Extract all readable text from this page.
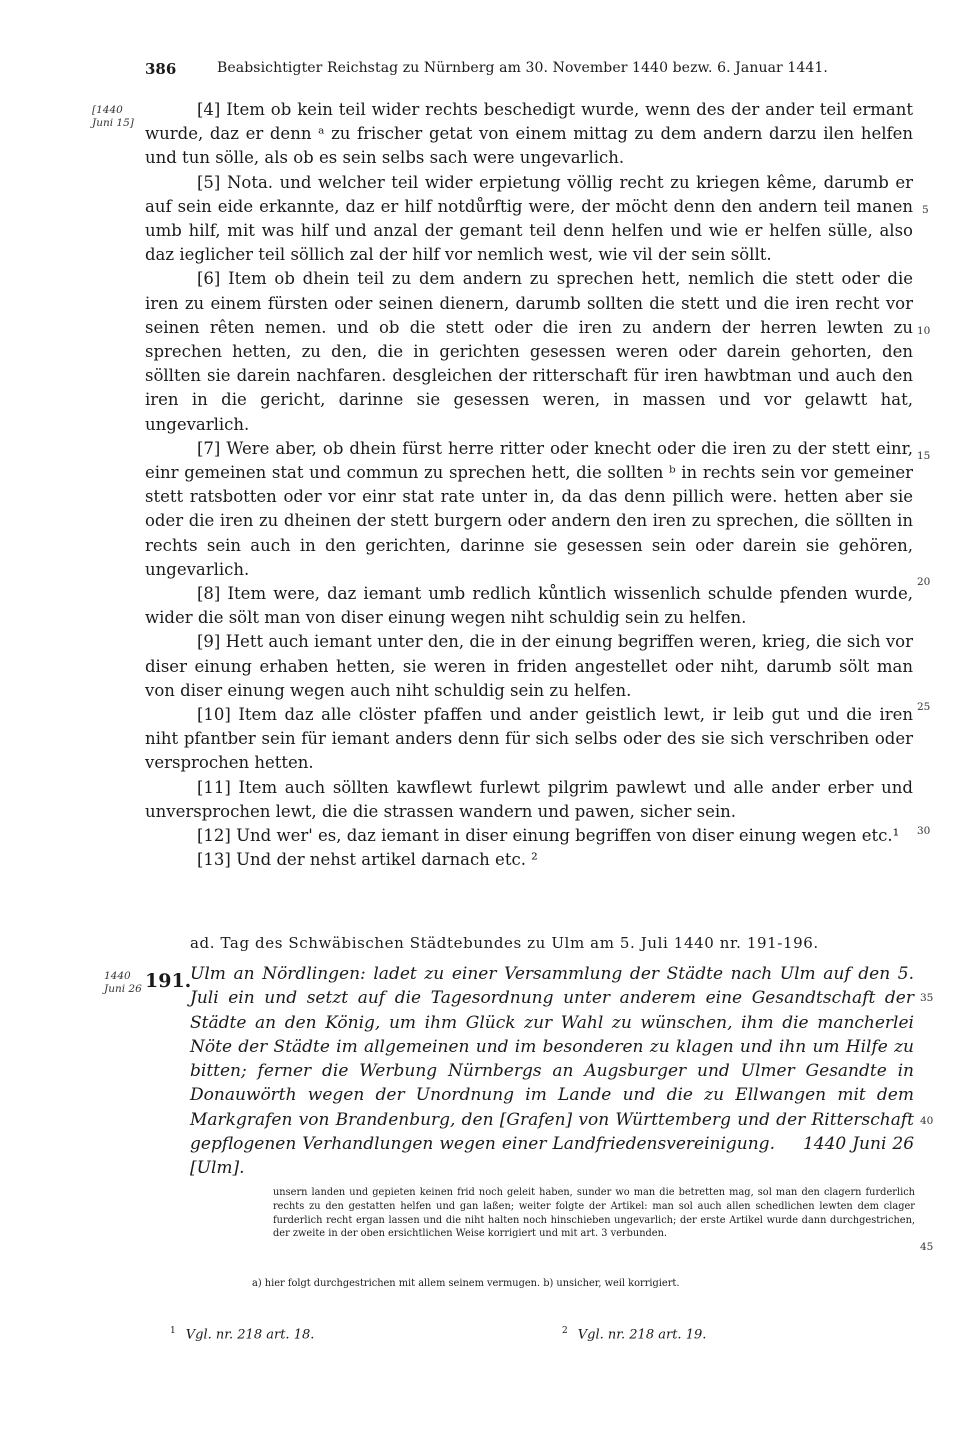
386	Beabsichtigter Reichstag zu Nürnberg am 30. November 1440 bezw. 6. Januar 1441.
[1440
Juni 15]

[4] Item ob kein teil wider rechts beschedigt wurde, wenn des der ander teil ermant wurde, daz er denn ᵃ zu frischer getat von einem mittag zu dem andern darzu ilen helfen und tun sölle, als ob es sein selbs sach were ungevarlich.

[5] Nota. und welcher teil wider erpietung völlig recht zu kriegen kême, darumb er auf sein eide erkannte, daz er hilf notdůrftig were, der möcht denn den andern teil manen umb hilf, mit was hilf und anzal der gemant teil denn helfen und wie er helfen sülle, also daz ieglicher teil söllich zal der hilf vor nemlich west, wie vil der sein söllt.

[6] Item ob dhein teil zu dem andern zu sprechen hett, nemlich die stett oder die iren zu einem fürsten oder seinen dienern, darumb sollten die stett und die iren recht vor seinen rêten nemen. und ob die stett oder die iren zu andern der herren lewten zu sprechen hetten, zu den, die in gerichten gesessen weren oder darein gehorten, den söllten sie darein nachfaren. desgleichen der ritterschaft für iren hawbtman und auch den iren in die gericht, darinne sie gesessen weren, in massen und vor gelawtt hat, ungevarlich.

[7] Were aber, ob dhein fürst herre ritter oder knecht oder die iren zu der stett einr, einr gemeinen stat und commun zu sprechen hett, die sollten ᵇ in rechts sein vor gemeiner stett ratsbotten oder vor einr stat rate unter in, da das denn pillich were. hetten aber sie oder die iren zu dheinen der stett burgern oder andern den iren zu sprechen, die söllten in rechts sein auch in den gerichten, darinne sie gesessen sein oder darein sie gehören, ungevarlich.

[8] Item were, daz iemant umb redlich kůntlich wissenlich schulde pfenden wurde, wider die sölt man von diser einung wegen niht schuldig sein zu helfen.

[9] Hett auch iemant unter den, die in der einung begriffen weren, krieg, die sich vor diser einung erhaben hetten, sie weren in friden angestellet oder niht, darumb sölt man von diser einung wegen auch niht schuldig sein zu helfen.

[10] Item daz alle clöster pfaffen und ander geistlich lewt, ir leib gut und die iren niht pfantber sein für iemant anders denn für sich selbs oder des sie sich verschriben oder versprochen hetten.

[11] Item auch söllten kawflewt furlewt pilgrim pawlewt und alle ander erber und unversprochen lewt, die die strassen wandern und pawen, sicher sein.

[12] Und wer' es, daz iemant in diser einung begriffen von diser einung wegen etc.¹

[13] Und der nehst artikel darnach etc. ²

5
10
15
20
25
30
35
40
45
ad. Tag des Schwäbischen Städtebundes zu Ulm am 5. Juli 1440 nr. 191-196.
1440
Juni 26 191.
Ulm an Nördlingen: ladet zu einer Versammlung der Städte nach Ulm auf den 5. Juli ein und setzt auf die Tagesordnung unter anderem eine Gesandtschaft der Städte an den König, um ihm Glück zur Wahl zu wünschen, ihm die mancherlei Nöte der Städte im allgemeinen und im besonderen zu klagen und ihn um Hilfe zu bitten; ferner die Werbung Nürnbergs an Augsburger und Ulmer Gesandte in Donauwörth wegen der Unordnung im Lande und die zu Ellwangen mit dem Markgrafen von Brandenburg, den [Grafen] von Württemberg und der Ritterschaft gepflogenen Verhandlungen wegen einer Landfriedensvereinigung. 1440 Juni 26 [Ulm].
unsern landen und gepieten keinen frid noch geleit haben, sunder wo man die betretten mag, sol man den clagern furderlich rechts zu den gestatten helfen und gan laßen; weiter folgte der Artikel: man sol auch allen schedlichen lewten dem clager furderlich recht ergan lassen und die niht halten noch hinschieben ungevarlich; der erste Artikel wurde dann durchgestrichen, der zweite in der oben ersichtlichen Weise korrigiert und mit art. 3 verbunden.
a) hier folgt durchgestrichen mit allem seinem vermugen. b) unsicher, weil korrigiert.
$^1$ Vgl. nr. 218 art. 18.	$^2$ Vgl. nr. 218 art. 19.
